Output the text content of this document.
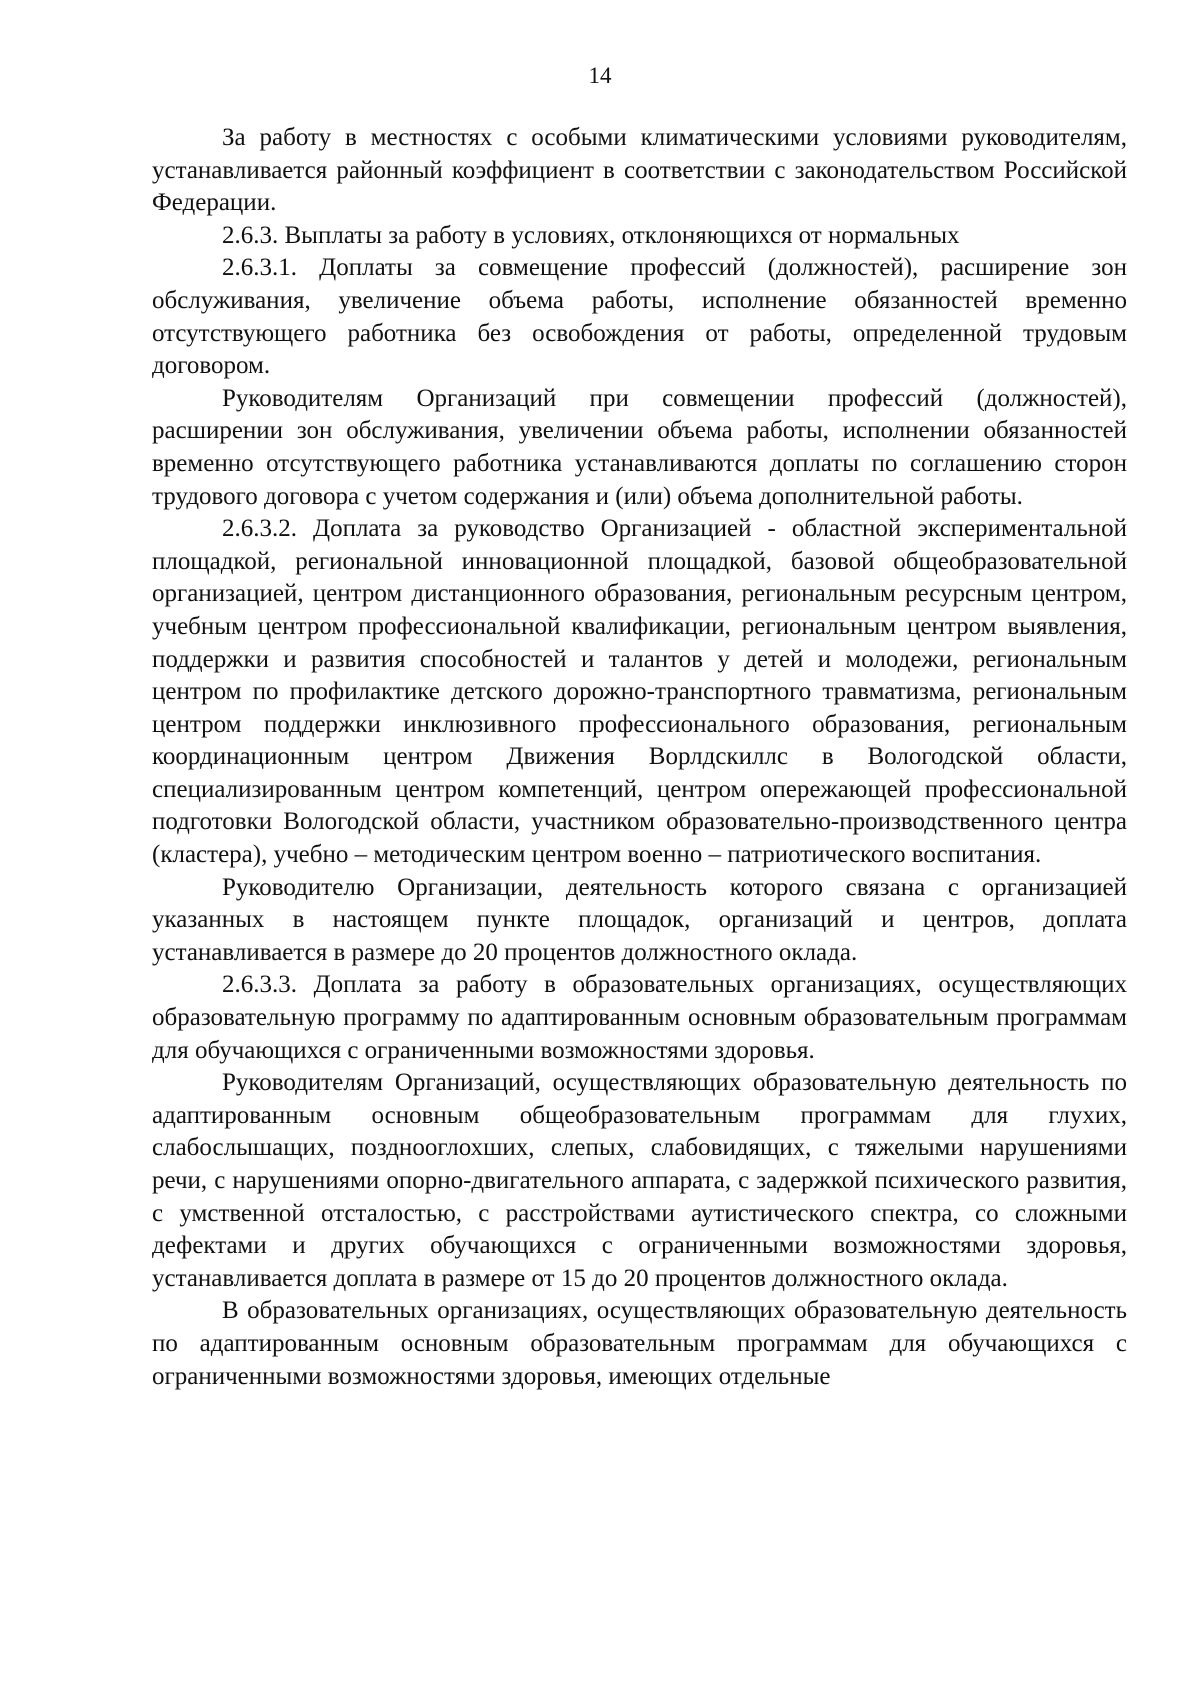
14

За работу в местностях с особыми климатическими условиями руководителям, устанавливается районный коэффициент в соответствии с законодательством Российской Федерации.

2.6.3. Выплаты за работу в условиях, отклоняющихся от нормальных

2.6.3.1. Доплаты за совмещение профессий (должностей), расширение зон обслуживания, увеличение объема работы, исполнение обязанностей временно отсутствующего работника без освобождения от работы, определенной трудовым договором.

Руководителям Организаций при совмещении профессий (должностей), расширении зон обслуживания, увеличении объема работы, исполнении обязанностей временно отсутствующего работника устанавливаются доплаты по соглашению сторон трудового договора с учетом содержания и (или) объема дополнительной работы.

2.6.3.2. Доплата за руководство Организацией - областной экспериментальной площадкой, региональной инновационной площадкой, базовой общеобразовательной организацией, центром дистанционного образования, региональным ресурсным центром, учебным центром профессиональной квалификации, региональным центром выявления, поддержки и развития способностей и талантов у детей и молодежи, региональным центром по профилактике детского дорожно-транспортного травматизма, региональным центром поддержки инклюзивного профессионального образования, региональным координационным центром Движения Ворлдскиллс в Вологодской области, специализированным центром компетенций, центром опережающей профессиональной подготовки Вологодской области, участником образовательно-производственного центра (кластера), учебно – методическим центром военно – патриотического воспитания.

Руководителю Организации, деятельность которого связана с организацией указанных в настоящем пункте площадок, организаций и центров, доплата устанавливается в размере до 20 процентов должностного оклада.

2.6.3.3. Доплата за работу в образовательных организациях, осуществляющих образовательную программу по адаптированным основным образовательным программам для обучающихся с ограниченными возможностями здоровья.

Руководителям Организаций, осуществляющих образовательную деятельность по адаптированным основным общеобразовательным программам для глухих, слабослышащих, позднооглохших, слепых, слабовидящих, с тяжелыми нарушениями речи, с нарушениями опорно-двигательного аппарата, с задержкой психического развития, с умственной отсталостью, с расстройствами аутистического спектра, со сложными дефектами и других обучающихся с ограниченными возможностями здоровья, устанавливается доплата в размере от 15 до 20 процентов должностного оклада.

В образовательных организациях, осуществляющих образовательную деятельность по адаптированным основным образовательным программам для обучающихся с ограниченными возможностями здоровья, имеющих отдельные
